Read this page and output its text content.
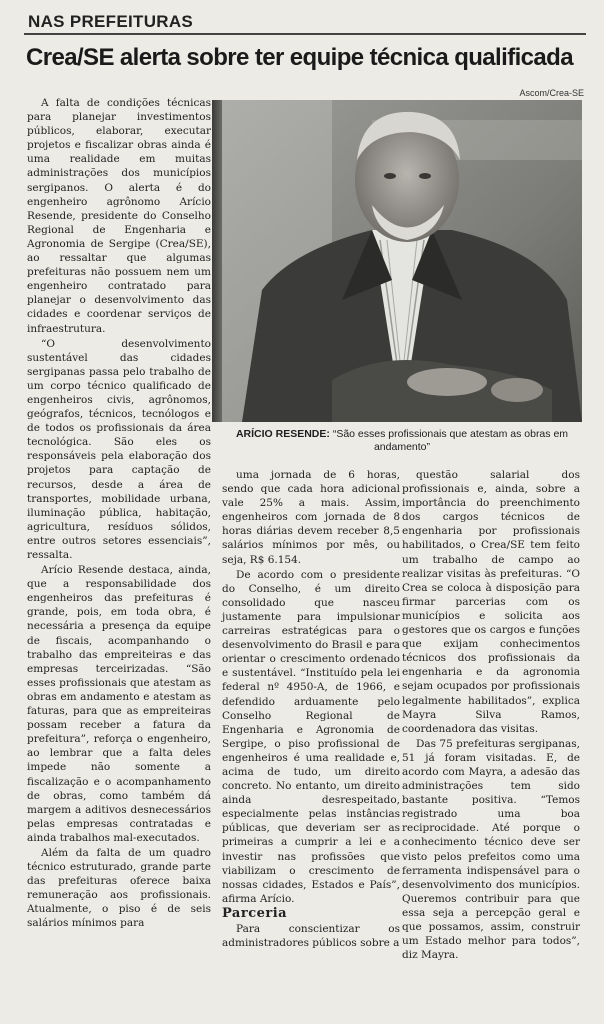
NAS PREFEITURAS
Crea/SE alerta sobre ter equipe técnica qualificada
Ascom/Crea-SE
ARÍCIO RESENDE: “São esses profissionais que atestam as obras em andamento”

A falta de condições técnicas para planejar investimentos públicos, elaborar, executar projetos e fiscalizar obras ainda é uma realidade em muitas administrações dos municípios sergipanos. O alerta é do engenheiro agrônomo Arício Resende, presidente do Conselho Regional de Engenharia e Agronomia de Sergipe (Crea/SE), ao ressaltar que algumas prefeituras não possuem nem um engenheiro contratado para planejar o desenvolvimento das cidades e coordenar serviços de infraestrutura.

“O desenvolvimento sustentável das cidades sergipanas passa pelo trabalho de um corpo técnico qualificado de engenheiros civis, agrônomos, geógrafos, técnicos, tecnólogos e de todos os profissionais da área tecnológica. São eles os responsáveis pela elaboração dos projetos para captação de recursos, desde a área de transportes, mobilidade urbana, iluminação pública, habitação, agricultura, resíduos sólidos, entre outros setores essenciais”, ressalta.

Arício Resende destaca, ainda, que a responsabilidade dos engenheiros das prefeituras é grande, pois, em toda obra, é necessária a presença da equipe de fiscais, acompanhando o trabalho das empreiteiras e das empresas terceirizadas. “São esses profissionais que atestam as obras em andamento e atestam as faturas, para que as empreiteiras possam receber a fatura da prefeitura”, reforça o engenheiro, ao lembrar que a falta deles impede não somente a fiscalização e o acompanhamento de obras, como também dá margem a aditivos desnecessários pelas empresas contratadas e ainda trabalhos mal-executados.

Além da falta de um quadro técnico estruturado, grande parte das prefeituras oferece baixa remuneração aos profissionais. Atualmente, o piso é de seis salários mínimos para

uma jornada de 6 horas, sendo que cada hora adicional vale 25% a mais. Assim, engenheiros com jornada de 8 horas diárias devem receber 8,5 salários mínimos por mês, ou seja, R$ 6.154.

De acordo com o presidente do Conselho, é um direito consolidado que nasceu justamente para impulsionar carreiras estratégicas para o desenvolvimento do Brasil e para orientar o crescimento ordenado e sustentável. “Instituído pela lei federal nº 4950-A, de 1966, e defendido arduamente pelo Conselho Regional de Engenharia e Agronomia de Sergipe, o piso profissional de engenheiros é uma realidade e, acima de tudo, um direito concreto. No entanto, um direito ainda desrespeitado, especialmente pelas instâncias públicas, que deveriam ser as primeiras a cumprir a lei e a investir nas profissões que viabilizam o crescimento de nossas cidades, Estados e País”, afirma Arício.

Parceria

Para conscientizar os administradores públicos sobre a

questão salarial dos profissionais e, ainda, sobre a importância do preenchimento dos cargos técnicos de engenharia por profissionais habilitados, o Crea/SE tem feito um trabalho de campo ao realizar visitas às prefeituras. “O Crea se coloca à disposição para firmar parcerias com os municípios e solicita aos gestores que os cargos e funções que exijam conhecimentos técnicos dos profissionais da engenharia e da agronomia sejam ocupados por profissionais legalmente habilitados”, explica Mayra Silva Ramos, coordenadora das visitas.

Das 75 prefeituras sergipanas, 51 já foram visitadas. E, de acordo com Mayra, a adesão das administrações tem sido bastante positiva. “Temos registrado uma boa reciprocidade. Até porque o conhecimento técnico deve ser visto pelos prefeitos como uma ferramenta indispensável para o desenvolvimento dos municípios. Queremos contribuir para que essa seja a percepção geral e que possamos, assim, construir um Estado melhor para todos”, diz Mayra.
